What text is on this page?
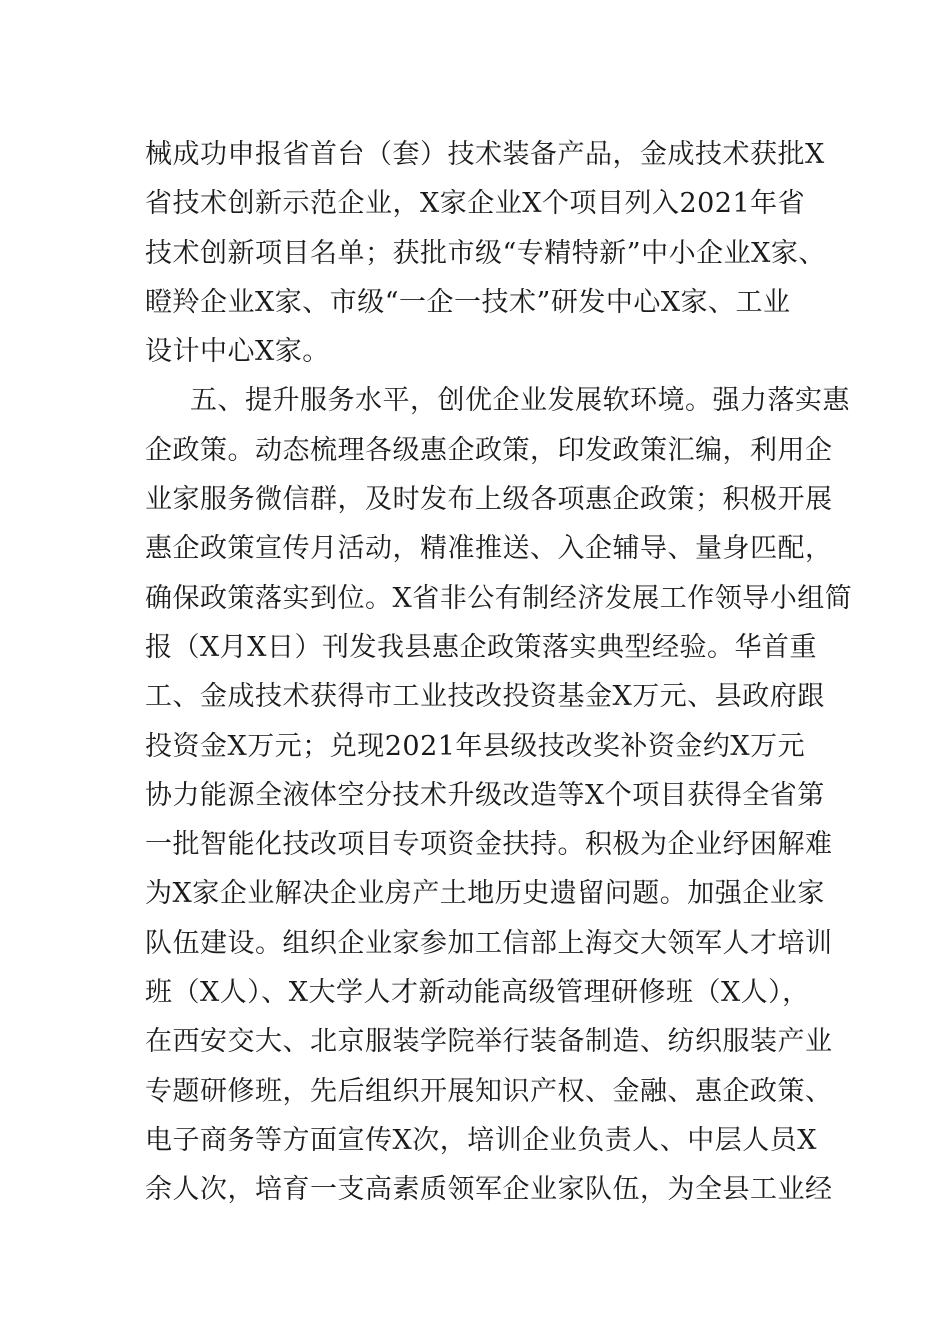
械成功申报省首台（套）技术装备产品，金成技术获批X
省技术创新示范企业，X家企业X个项目列入2021年省
技术创新项目名单；获批市级“专精特新”中小企业X家、
瞪羚企业X家、市级“一企一技术”研发中心X家、工业
设计中心X家。
五、提升服务水平，创优企业发展软环境。强力落实惠
企政策。动态梳理各级惠企政策，印发政策汇编，利用企
业家服务微信群，及时发布上级各项惠企政策；积极开展
惠企政策宣传月活动，精准推送、入企辅导、量身匹配，
确保政策落实到位。X省非公有制经济发展工作领导小组简
报（X月X日）刊发我县惠企政策落实典型经验。华首重
工、金成技术获得市工业技改投资基金X万元、县政府跟
投资金X万元；兑现2021年县级技改奖补资金约X万元
协力能源全液体空分技术升级改造等X个项目获得全省第
一批智能化技改项目专项资金扶持。积极为企业纾困解难
为X家企业解决企业房产土地历史遗留问题。加强企业家
队伍建设。组织企业家参加工信部上海交大领军人才培训
班（X人）、X大学人才新动能高级管理研修班（X人），
在西安交大、北京服装学院举行装备制造、纺织服装产业
专题研修班，先后组织开展知识产权、金融、惠企政策、
电子商务等方面宣传X次，培训企业负责人、中层人员X
余人次，培育一支高素质领军企业家队伍，为全县工业经
